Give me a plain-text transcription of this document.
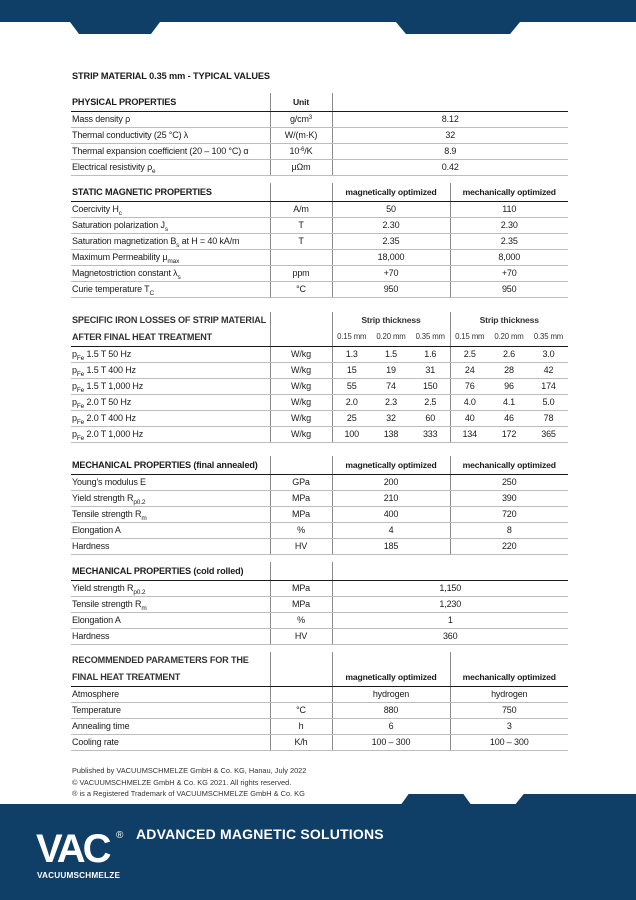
STRIP MATERIAL 0.35 mm - TYPICAL VALUES
PHYSICAL PROPERTIES	Unit	
Mass density ρ	$g/cm^3$	8.12
Thermal conductivity (25 °C) λ	W/(m·K)	32
Thermal expansion coefficient (20 – 100 °C) α	$10^{-6}/K$	8.9
Electrical resistivity $\rho_e$	μΩm	0.42
STATIC MAGNETIC PROPERTIES		magnetically optimized	mechanically optimized
Coercivity $H_c$	A/m	50	110
Saturation polarization $J_s$	T	2.30	2.30
Saturation magnetization $B_s$ at H = 40 kA/m	T	2.35	2.35
Maximum Permeability $\mu_{max}$		18,000	8,000
Magnetostriction constant $\lambda_s$	ppm	+70	+70
Curie temperature $T_C$	°C	950	950
SPECIFIC IRON LOSSES OF STRIP MATERIAL		Strip thickness			Strip thickness		
AFTER FINAL HEAT TREATMENT		0.15 mm	0.20 mm	0.35 mm	0.15 mm	0.20 mm	0.35 mm
$p_{Fe}$ 1.5 T 50 Hz	W/kg	1.3	1.5	1.6	2.5	2.6	3.0
$p_{Fe}$ 1.5 T 400 Hz	W/kg	15	19	31	24	28	42
$p_{Fe}$ 1.5 T 1,000 Hz	W/kg	55	74	150	76	96	174
$p_{Fe}$ 2.0 T 50 Hz	W/kg	2.0	2.3	2.5	4.0	4.1	5.0
$p_{Fe}$ 2.0 T 400 Hz	W/kg	25	32	60	40	46	78
$p_{Fe}$ 2.0 T 1,000 Hz	W/kg	100	138	333	134	172	365
MECHANICAL PROPERTIES (final annealed)		magnetically optimized	mechanically optimized
Young's modulus E	GPa	200	250
Yield strength $R_{p0.2}$	MPa	210	390
Tensile strength $R_m$	MPa	400	720
Elongation A	%	4	8
Hardness	HV	185	220
MECHANICAL PROPERTIES (cold rolled)		
Yield strength $R_{p0.2}$	MPa	1,150
Tensile strength $R_m$	MPa	1,230
Elongation A	%	1
Hardness	HV	360
RECOMMENDED PARAMETERS FOR THE			
FINAL HEAT TREATMENT		magnetically optimized	mechanically optimized
Atmosphere		hydrogen	hydrogen
Temperature	°C	880	750
Annealing time	h	6	3
Cooling rate	K/h	100 – 300	100 – 300
Published by VACUUMSCHMELZE GmbH & Co. KG, Hanau, July 2022
© VACUUMSCHMELZE GmbH & Co. KG 2021. All rights reserved.
® is a Registered Trademark of VACUUMSCHMELZE GmbH & Co. KG
VAC ®
VACUUMSCHMELZE
ADVANCED MAGNETIC SOLUTIONS
